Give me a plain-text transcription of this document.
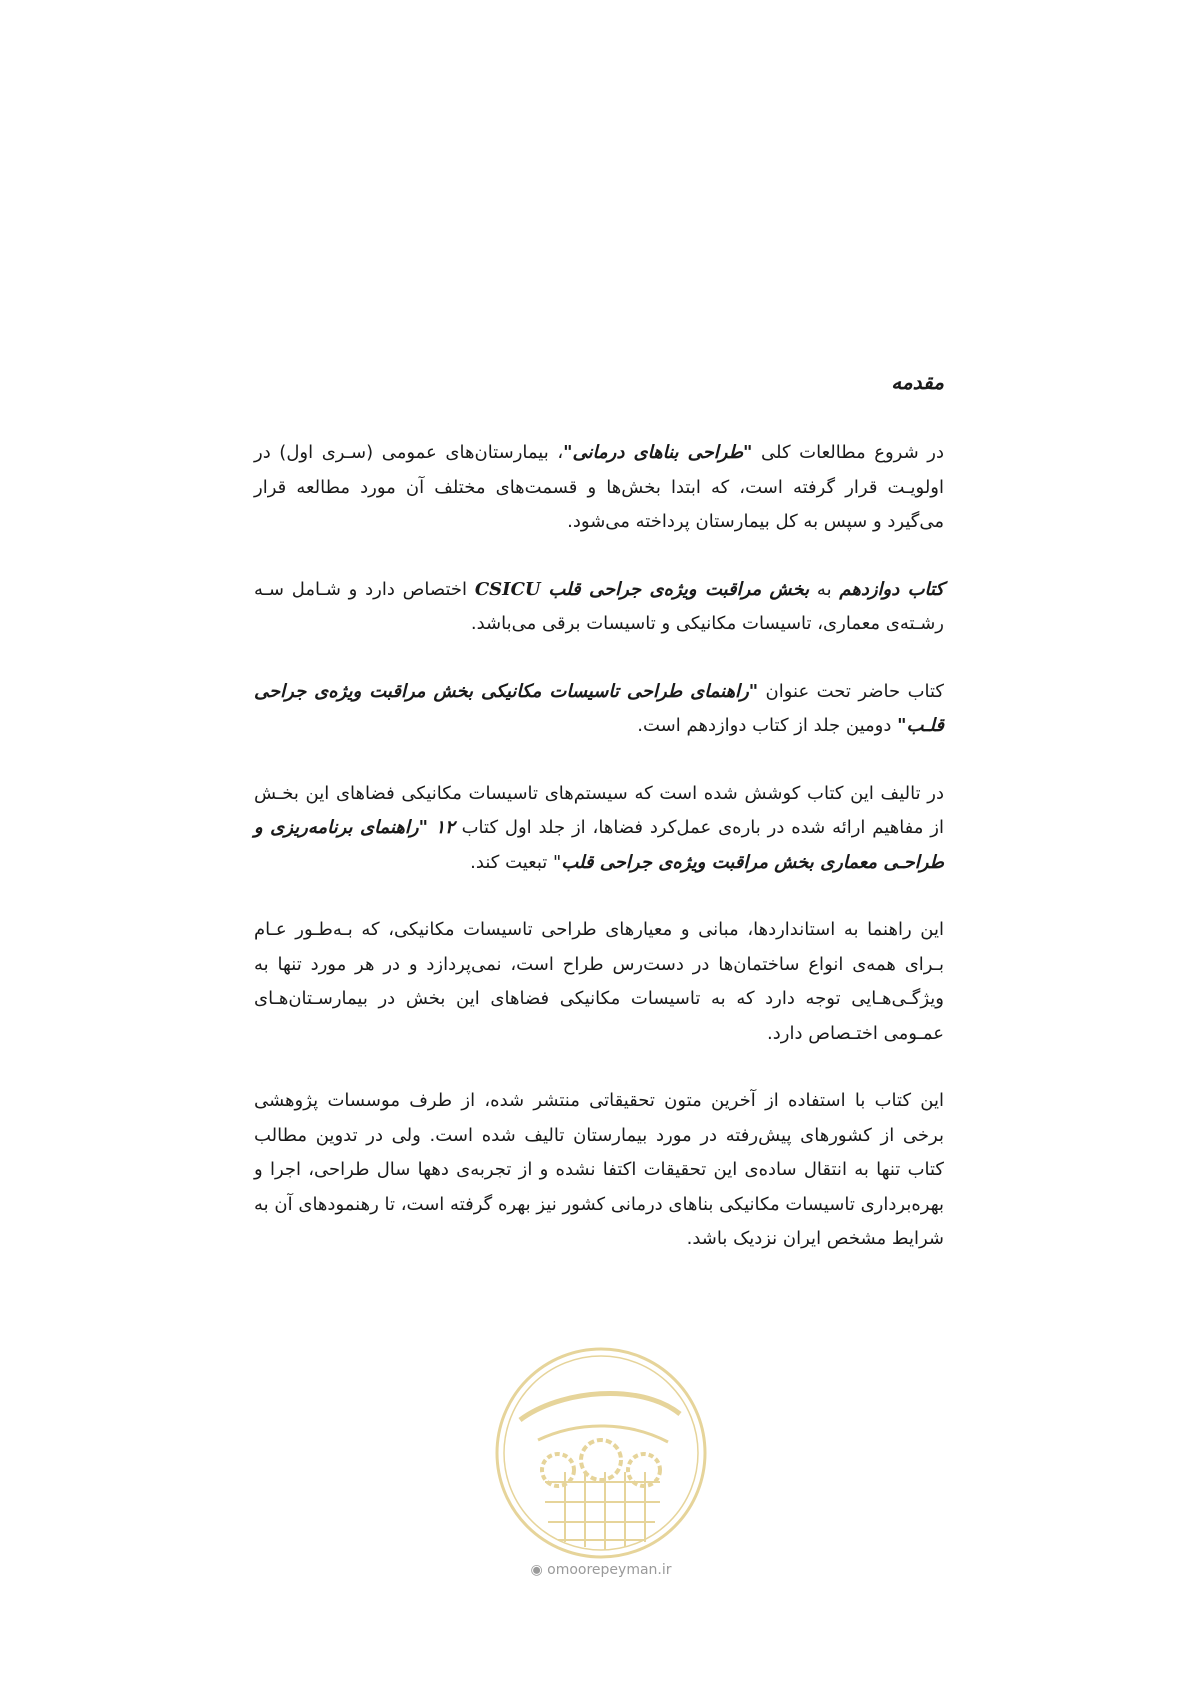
مقدمه

در شروع مطالعات کلی "طراحی بناهای درمانی"، بیمارستان‌های عمومی (سـری اول) در اولویـت قرار گرفته است، که ابتدا بخش‌ها و قسمت‌های مختلف آن مورد مطالعه قرار می‌گیرد و سپس به کل بیمارستان پرداخته می‌شود.

کتاب دوازدهم به بخش مراقبت ویژه‌ی جراحی قلب CSICU اختصاص دارد و شـامل سـه رشـته‌ی معماری، تاسیسات مکانیکی و تاسیسات برقی می‌باشد.

کتاب حاضر تحت عنوان "راهنمای طراحی تاسیسات مکانیکی بخش مراقبت ویژه‌ی جراحی قلـب" دومین جلد از کتاب دوازدهم است.

در تالیف این کتاب کوشش شده است که سیستم‌های تاسیسات مکانیکی فضاهای این بخـش از مفاهیم ارائه شده در باره‌ی عمل‌کرد فضاها، از جلد اول کتاب ۱۲ "راهنمای برنامه‌ریزی و طراحـی معماری بخش مراقبت ویژه‌ی جراحی قلب" تبعیت کند.

این راهنما به استانداردها، مبانی و معیارهای طراحی تاسیسات مکانیکی، که بـه‌طـور عـام بـرای همه‌ی انواع ساختمان‌ها در دست‌رس طراح است، نمی‌پردازد و در هر مورد تنها به ویژگـی‌هـایی توجه دارد که به تاسیسات مکانیکی فضاهای این بخش در بیمارسـتان‌هـای عمـومی اختـصاص دارد.

این کتاب با استفاده از آخرین متون تحقیقاتی منتشر شده، از طرف موسسات پژوهشی برخی از کشورهای پیش‌رفته در مورد بیمارستان تالیف شده است. ولی در تدوین مطالب کتاب تنها به انتقال ساده‌ی این تحقیقات اکتفا نشده و از تجربه‌ی دهها سال طراحی، اجرا و بهره‌برداری تاسیسات مکانیکی بناهای درمانی کشور نیز بهره گرفته است، تا رهنمودهای آن به شرایط مشخص ایران نزدیک باشد.

◉ omoorepeyman.ir
